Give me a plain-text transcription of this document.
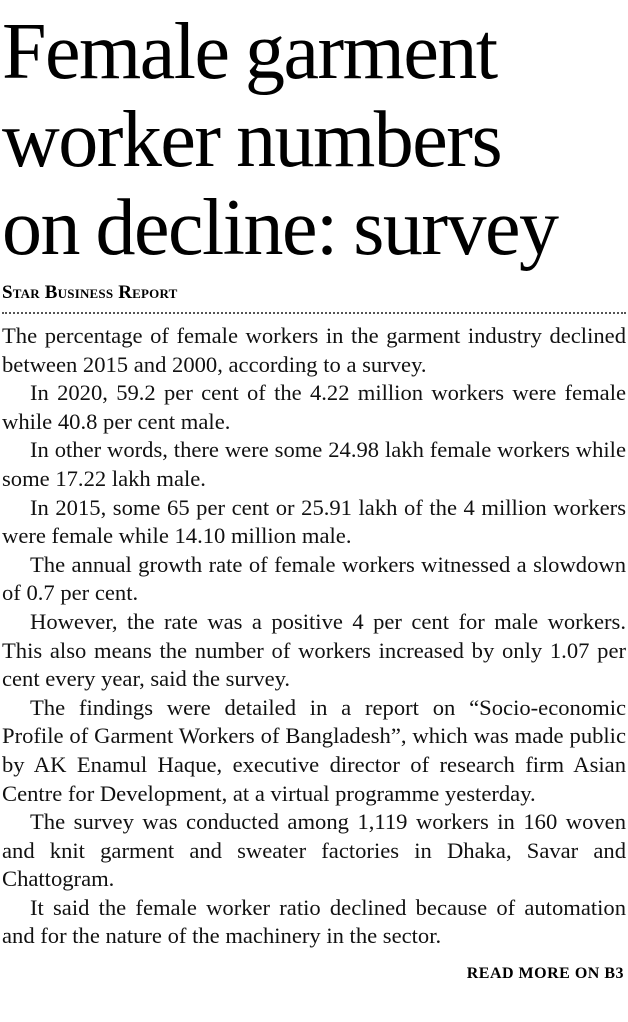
Female garment
worker numbers
on decline: survey
Star Business Report

The percentage of female workers in the garment industry declined between 2015 and 2000, according to a survey.

In 2020, 59.2 per cent of the 4.22 million workers were female while 40.8 per cent male.

In other words, there were some 24.98 lakh female workers while some 17.22 lakh male.

In 2015, some 65 per cent or 25.91 lakh of the 4 million workers were female while 14.10 million male.

The annual growth rate of female workers witnessed a slowdown of 0.7 per cent.

However, the rate was a positive 4 per cent for male workers. This also means the number of workers increased by only 1.07 per cent every year, said the survey.

The findings were detailed in a report on “Socio-economic Profile of Garment Workers of Bangladesh”, which was made public by AK Enamul Haque, executive director of research firm Asian Centre for Development, at a virtual programme yesterday.

The survey was conducted among 1,119 workers in 160 woven and knit garment and sweater factories in Dhaka, Savar and Chattogram.

It said the female worker ratio declined because of automation and for the nature of the machinery in the sector.

READ MORE ON B3
